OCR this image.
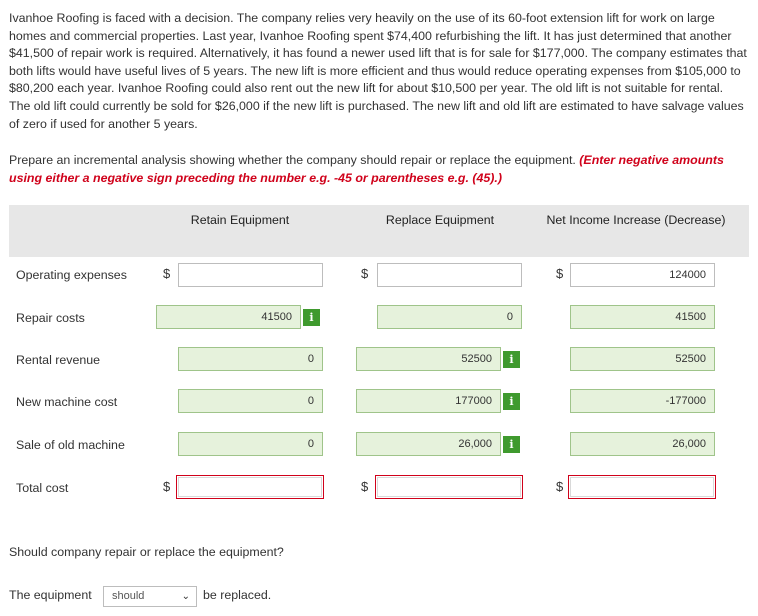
Ivanhoe Roofing is faced with a decision. The company relies very heavily on the use of its 60-foot extension lift for work on large homes and commercial properties. Last year, Ivanhoe Roofing spent $74,400 refurbishing the lift. It has just determined that another $41,500 of repair work is required. Alternatively, it has found a newer used lift that is for sale for $177,000. The company estimates that both lifts would have useful lives of 5 years. The new lift is more efficient and thus would reduce operating expenses from $105,000 to $80,200 each year. Ivanhoe Roofing could also rent out the new lift for about $10,500 per year. The old lift is not suitable for rental. The old lift could currently be sold for $26,000 if the new lift is purchased. The new lift and old lift are estimated to have salvage values of zero if used for another 5 years.
Prepare an incremental analysis showing whether the company should repair or replace the equipment. (Enter negative amounts using either a negative sign preceding the number e.g. -45 or parentheses e.g. (45).)
Retain Equipment	Replace Equipment	Net Income Increase (Decrease)
Operating expenses	$	$	$	124000
Repair costs	41500	i	0	41500
Rental revenue	0	52500	i	52500
New machine cost	0	177000	i	-177000
Sale of old machine	0	26,000	i	26,000
Total cost	$	$	$
Should company repair or replace the equipment?
The equipment	should	⌄ be replaced.
